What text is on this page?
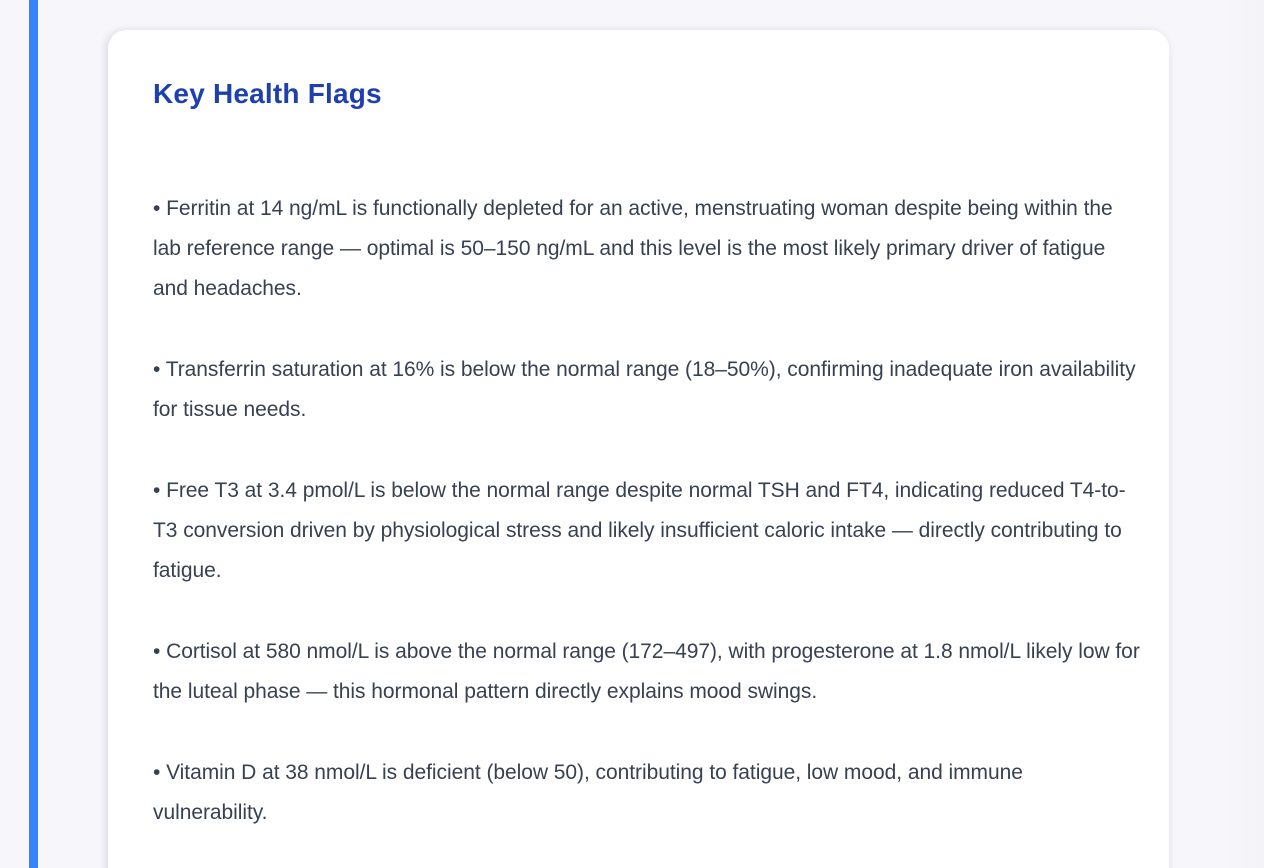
Key Health Flags
• Ferritin at 14 ng/mL is functionally depleted for an active, menstruating woman despite being within the lab reference range — optimal is 50–150 ng/mL and this level is the most likely primary driver of fatigue and headaches.
• Transferrin saturation at 16% is below the normal range (18–50%), confirming inadequate iron availability for tissue needs.
• Free T3 at 3.4 pmol/L is below the normal range despite normal TSH and FT4, indicating reduced T4-to-T3 conversion driven by physiological stress and likely insufficient caloric intake — directly contributing to fatigue.
• Cortisol at 580 nmol/L is above the normal range (172–497), with progesterone at 1.8 nmol/L likely low for the luteal phase — this hormonal pattern directly explains mood swings.
• Vitamin D at 38 nmol/L is deficient (below 50), contributing to fatigue, low mood, and immune vulnerability.
